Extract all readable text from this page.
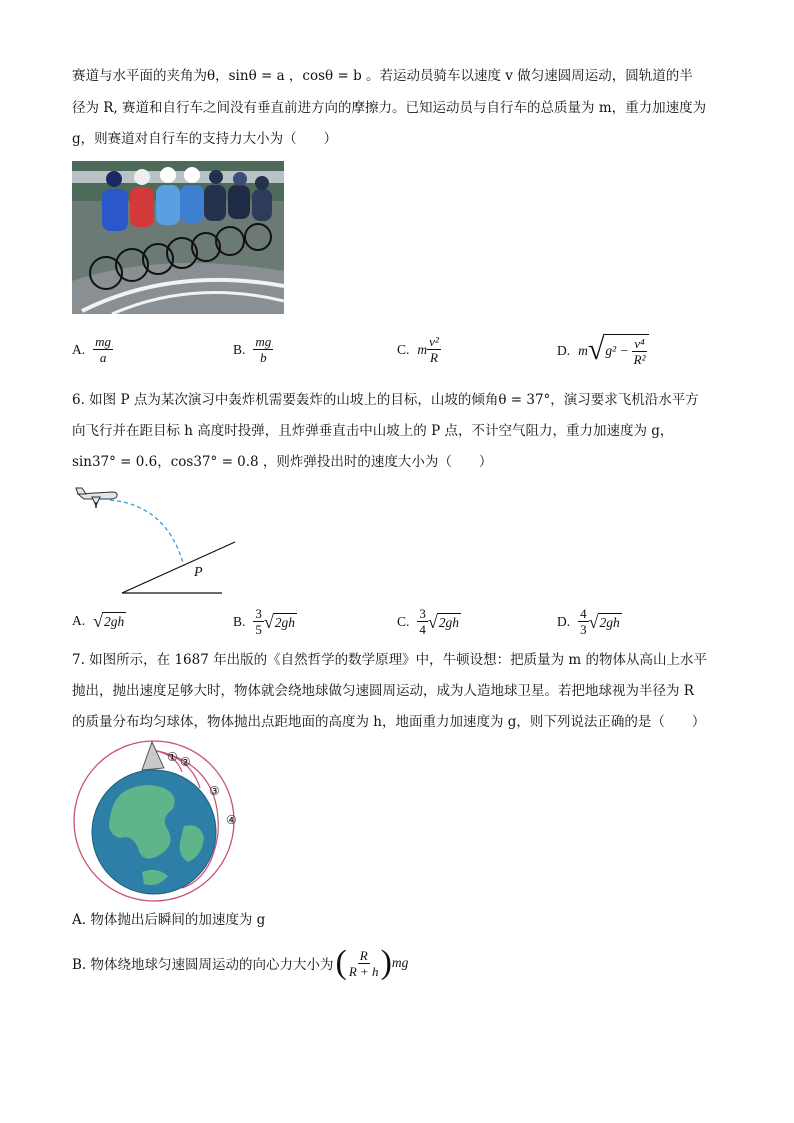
赛道与水平面的夹角为θ，sinθ = a ，cosθ = b 。若运动员骑车以速度 v 做匀速圆周运动，圆轨道的半
径为 R, 赛道和自行车之间没有垂直前进方向的摩擦力。已知运动员与自行车的总质量为 m，重力加速度为
g，则赛道对自行车的支持力大小为（　　）
A. $\frac{mg}{a}$	B. $\frac{mg}{b}$	C. m $\frac{\text{v²}}{R}$	D. m √ $g^2 - \frac{\text{v⁴}}{\text{R²}}$
6. 如图 P 点为某次演习中轰炸机需要轰炸的山坡上的目标，山坡的倾角θ = 37°，演习要求飞机沿水平方
向飞行并在距目标 h 高度时投弹，且炸弹垂直击中山坡上的 P 点，不计空气阻力，重力加速度为 g，
sin37° = 0.6，cos37° = 0.8 ，则炸弹投出时的速度大小为（　　）
P
A. √ 2gh	B. $\frac{3}{5}$ √ 2gh	C. $\frac{3}{4}$ √ 2gh	D. $\frac{4}{3}$ √ 2gh
7. 如图所示，在 1687 年出版的《自然哲学的数学原理》中，牛顿设想：把质量为 m 的物体从高山上水平
抛出，抛出速度足够大时，物体就会绕地球做匀速圆周运动，成为人造地球卫星。若把地球视为半径为 R
的质量分布均匀球体，物体抛出点距地面的高度为 h，地面重力加速度为 g，则下列说法正确的是（　　）
① ②
③
④
A. 物体抛出后瞬间的加速度为 g
B. 物体绕地球匀速圆周运动的向心力大小为 ( $\frac{R}{R + h}$ ) mg
